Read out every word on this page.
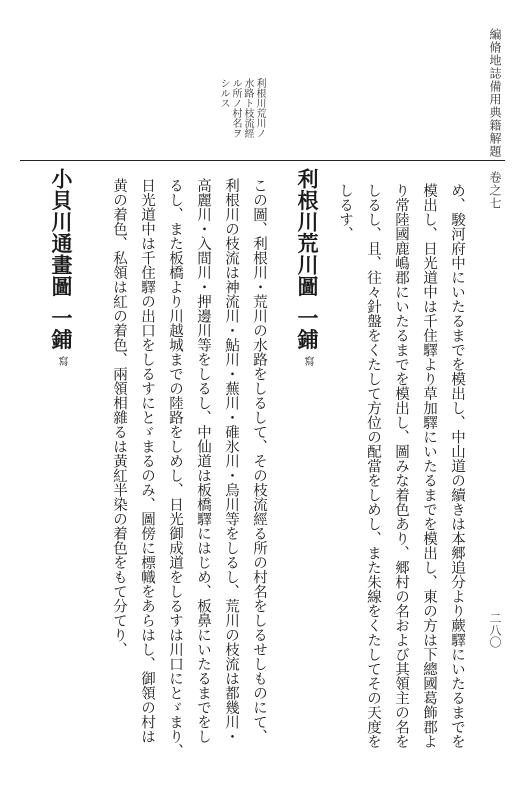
編脩地誌備用典籍解題　卷之七
二八〇
め、駿河府中にいたるまでを模出し、中山道の續きは本郷追分より蕨驛にいたるまでを
模出し、日光道中は千住驛より草加驛にいたるまでを模出し、東の方は下總國葛飾郡よ
り常陸國鹿嶋郡にいたるまでを模出し、圖みな着色あり、郷村の名および其領主の名を
しるし、且、往々針盤をくたして方位の配當をしめし、また朱線をくたしてその天度を
しるす、
利根川荒川ノ
水路ト枝流經
ル所ノ村名ヲ
シルス
利根川荒川圖一鋪寫
この圖、利根川・荒川の水路をしるして、その枝流經る所の村名をしるせしものにて、
利根川の枝流は神流川・鮎川・蕪川・碓氷川・烏川等をしるし、荒川の枝流は都幾川・
高麗川・入間川・押邊川等をしるし、中仙道は板橋驛にはじめ、板鼻にいたるまでをし
るし、また板橋より川越城までの陸路をしめし、日光御成道をしるすは川口にとゞまり、
日光道中は千住驛の出口をしるすにとゞまるのみ、圖傍に標幟をあらはし、御領の村は
黄の着色、私領は紅の着色、兩領相雜るは黃紅半染の着色をもて分てり、
小貝川通畫圖一鋪寫
